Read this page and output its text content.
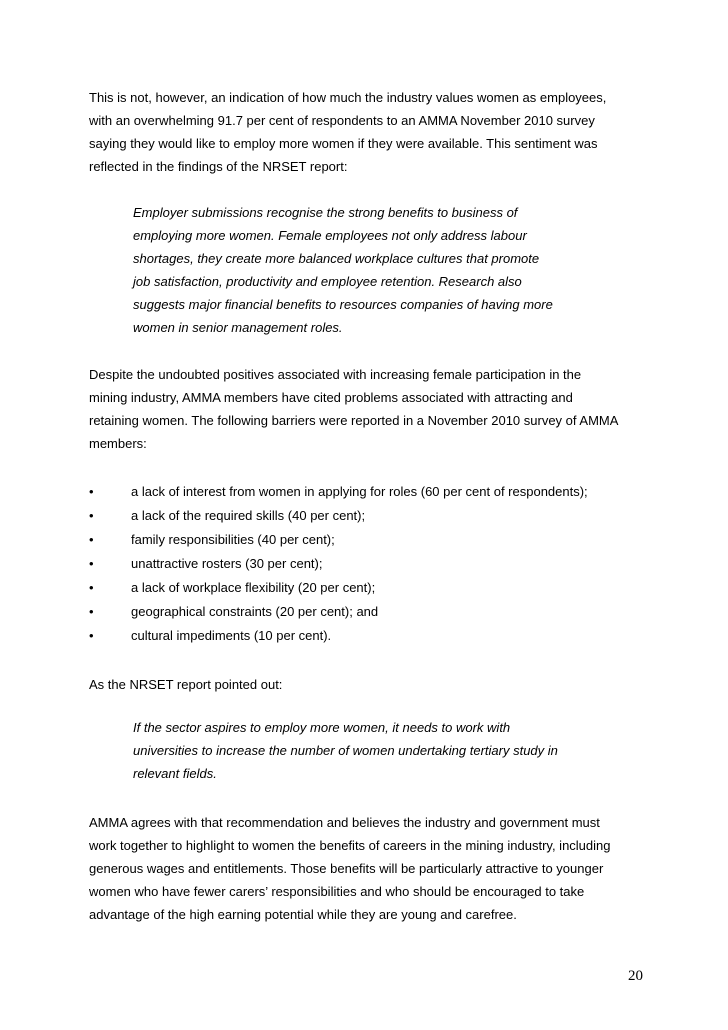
This is not, however, an indication of how much the industry values women as employees,
with an overwhelming 91.7 per cent of respondents to an AMMA November 2010 survey
saying they would like to employ more women if they were available. This sentiment was
reflected in the findings of the NRSET report:
Employer submissions recognise the strong benefits to business of
employing more women. Female employees not only address labour
shortages, they create more balanced workplace cultures that promote
job satisfaction, productivity and employee retention. Research also
suggests major financial benefits to resources companies of having more
women in senior management roles.
Despite the undoubted positives associated with increasing female participation in the
mining industry, AMMA members have cited problems associated with attracting and
retaining women. The following barriers were reported in a November 2010 survey of AMMA
members:
•	a lack of interest from women in applying for roles (60 per cent of respondents);
•	a lack of the required skills (40 per cent);
•	family responsibilities (40 per cent);
•	unattractive rosters (30 per cent);
•	a lack of workplace flexibility (20 per cent);
•	geographical constraints (20 per cent); and
•	cultural impediments (10 per cent).
As the NRSET report pointed out:
If the sector aspires to employ more women, it needs to work with
universities to increase the number of women undertaking tertiary study in
relevant fields.
AMMA agrees with that recommendation and believes the industry and government must
work together to highlight to women the benefits of careers in the mining industry, including
generous wages and entitlements. Those benefits will be particularly attractive to younger
women who have fewer carers’ responsibilities and who should be encouraged to take
advantage of the high earning potential while they are young and carefree.
20
